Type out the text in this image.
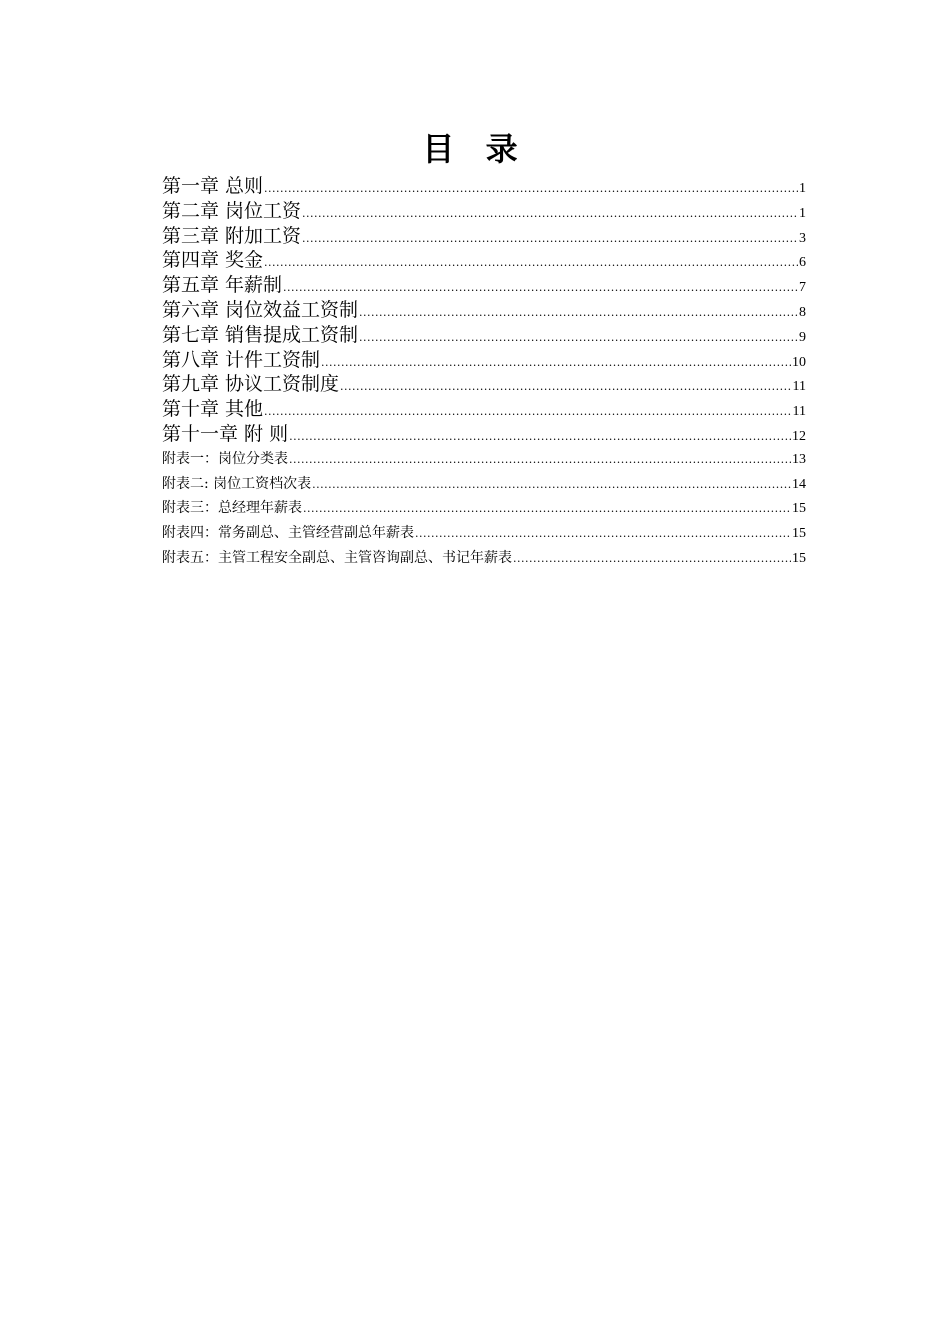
目 录
第一章 总则 .....	1
第二章 岗位工资 .....	1
第三章 附加工资 .....	3
第四章 奖金 .....	6
第五章 年薪制 .....	7
第六章 岗位效益工资制 .....	8
第七章 销售提成工资制 .....	9
第八章 计件工资制 .....	10
第九章 协议工资制度 .....	11
第十章 其他 .....	11
第十一章 附 则 .....	12
附表一：岗位分类表 .....	13
附表二: 岗位工资档次表 .....	14
附表三：总经理年薪表 .....	15
附表四：常务副总、主管经营副总年薪表 .....	15
附表五：主管工程安全副总、主管咨询副总、书记年薪表 .....	15
